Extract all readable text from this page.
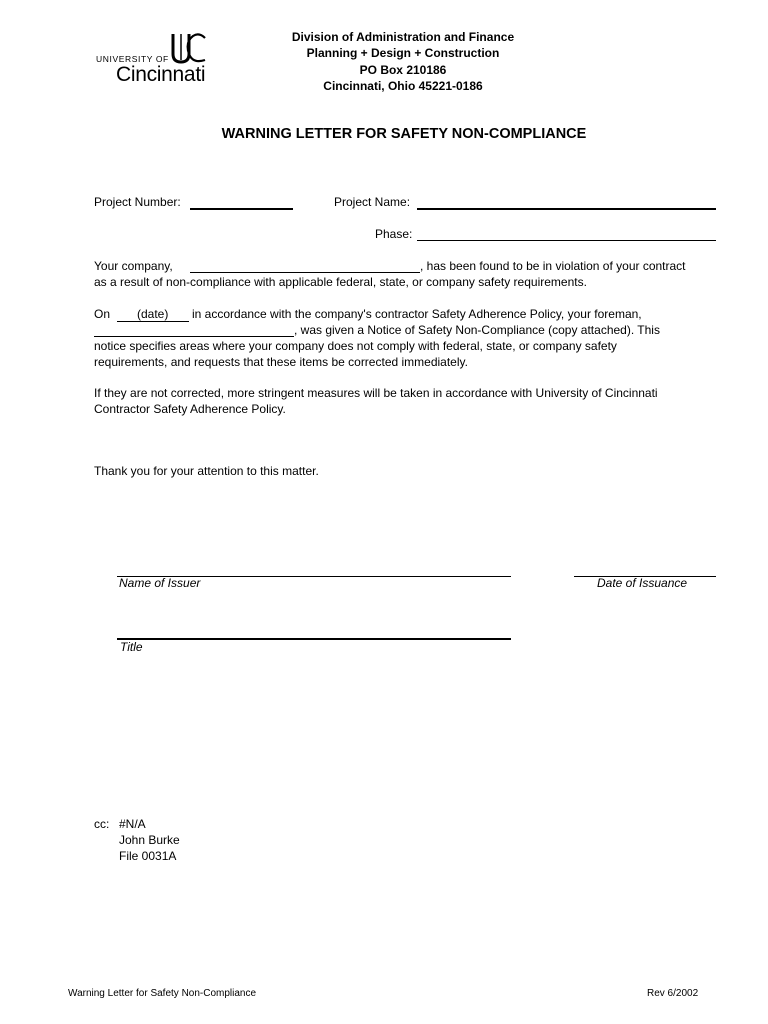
UNIVERSITY OF
Cincinnati
Division of Administration and Finance
Planning + Design + Construction
PO Box 210186
Cincinnati, Ohio 45221-0186
WARNING LETTER FOR SAFETY NON-COMPLIANCE
Project Number:	Project Name:
Phase:
Your company,	, has been found to be in violation of your contract
as a result of non-compliance with applicable federal, state, or company safety requirements.
On (date) in accordance with the company's contractor Safety Adherence Policy, your foreman,
, was given a Notice of Safety Non-Compliance (copy attached). This
notice specifies areas where your company does not comply with federal, state, or company safety
requirements, and requests that these items be corrected immediately.
If they are not corrected, more stringent measures will be taken in accordance with University of Cincinnati
Contractor Safety Adherence Policy.
Thank you for your attention to this matter.
Name of Issuer	Date of Issuance
Title
cc: #N/A
John Burke
File 0031A
Warning Letter for Safety Non-Compliance	Rev 6/2002
